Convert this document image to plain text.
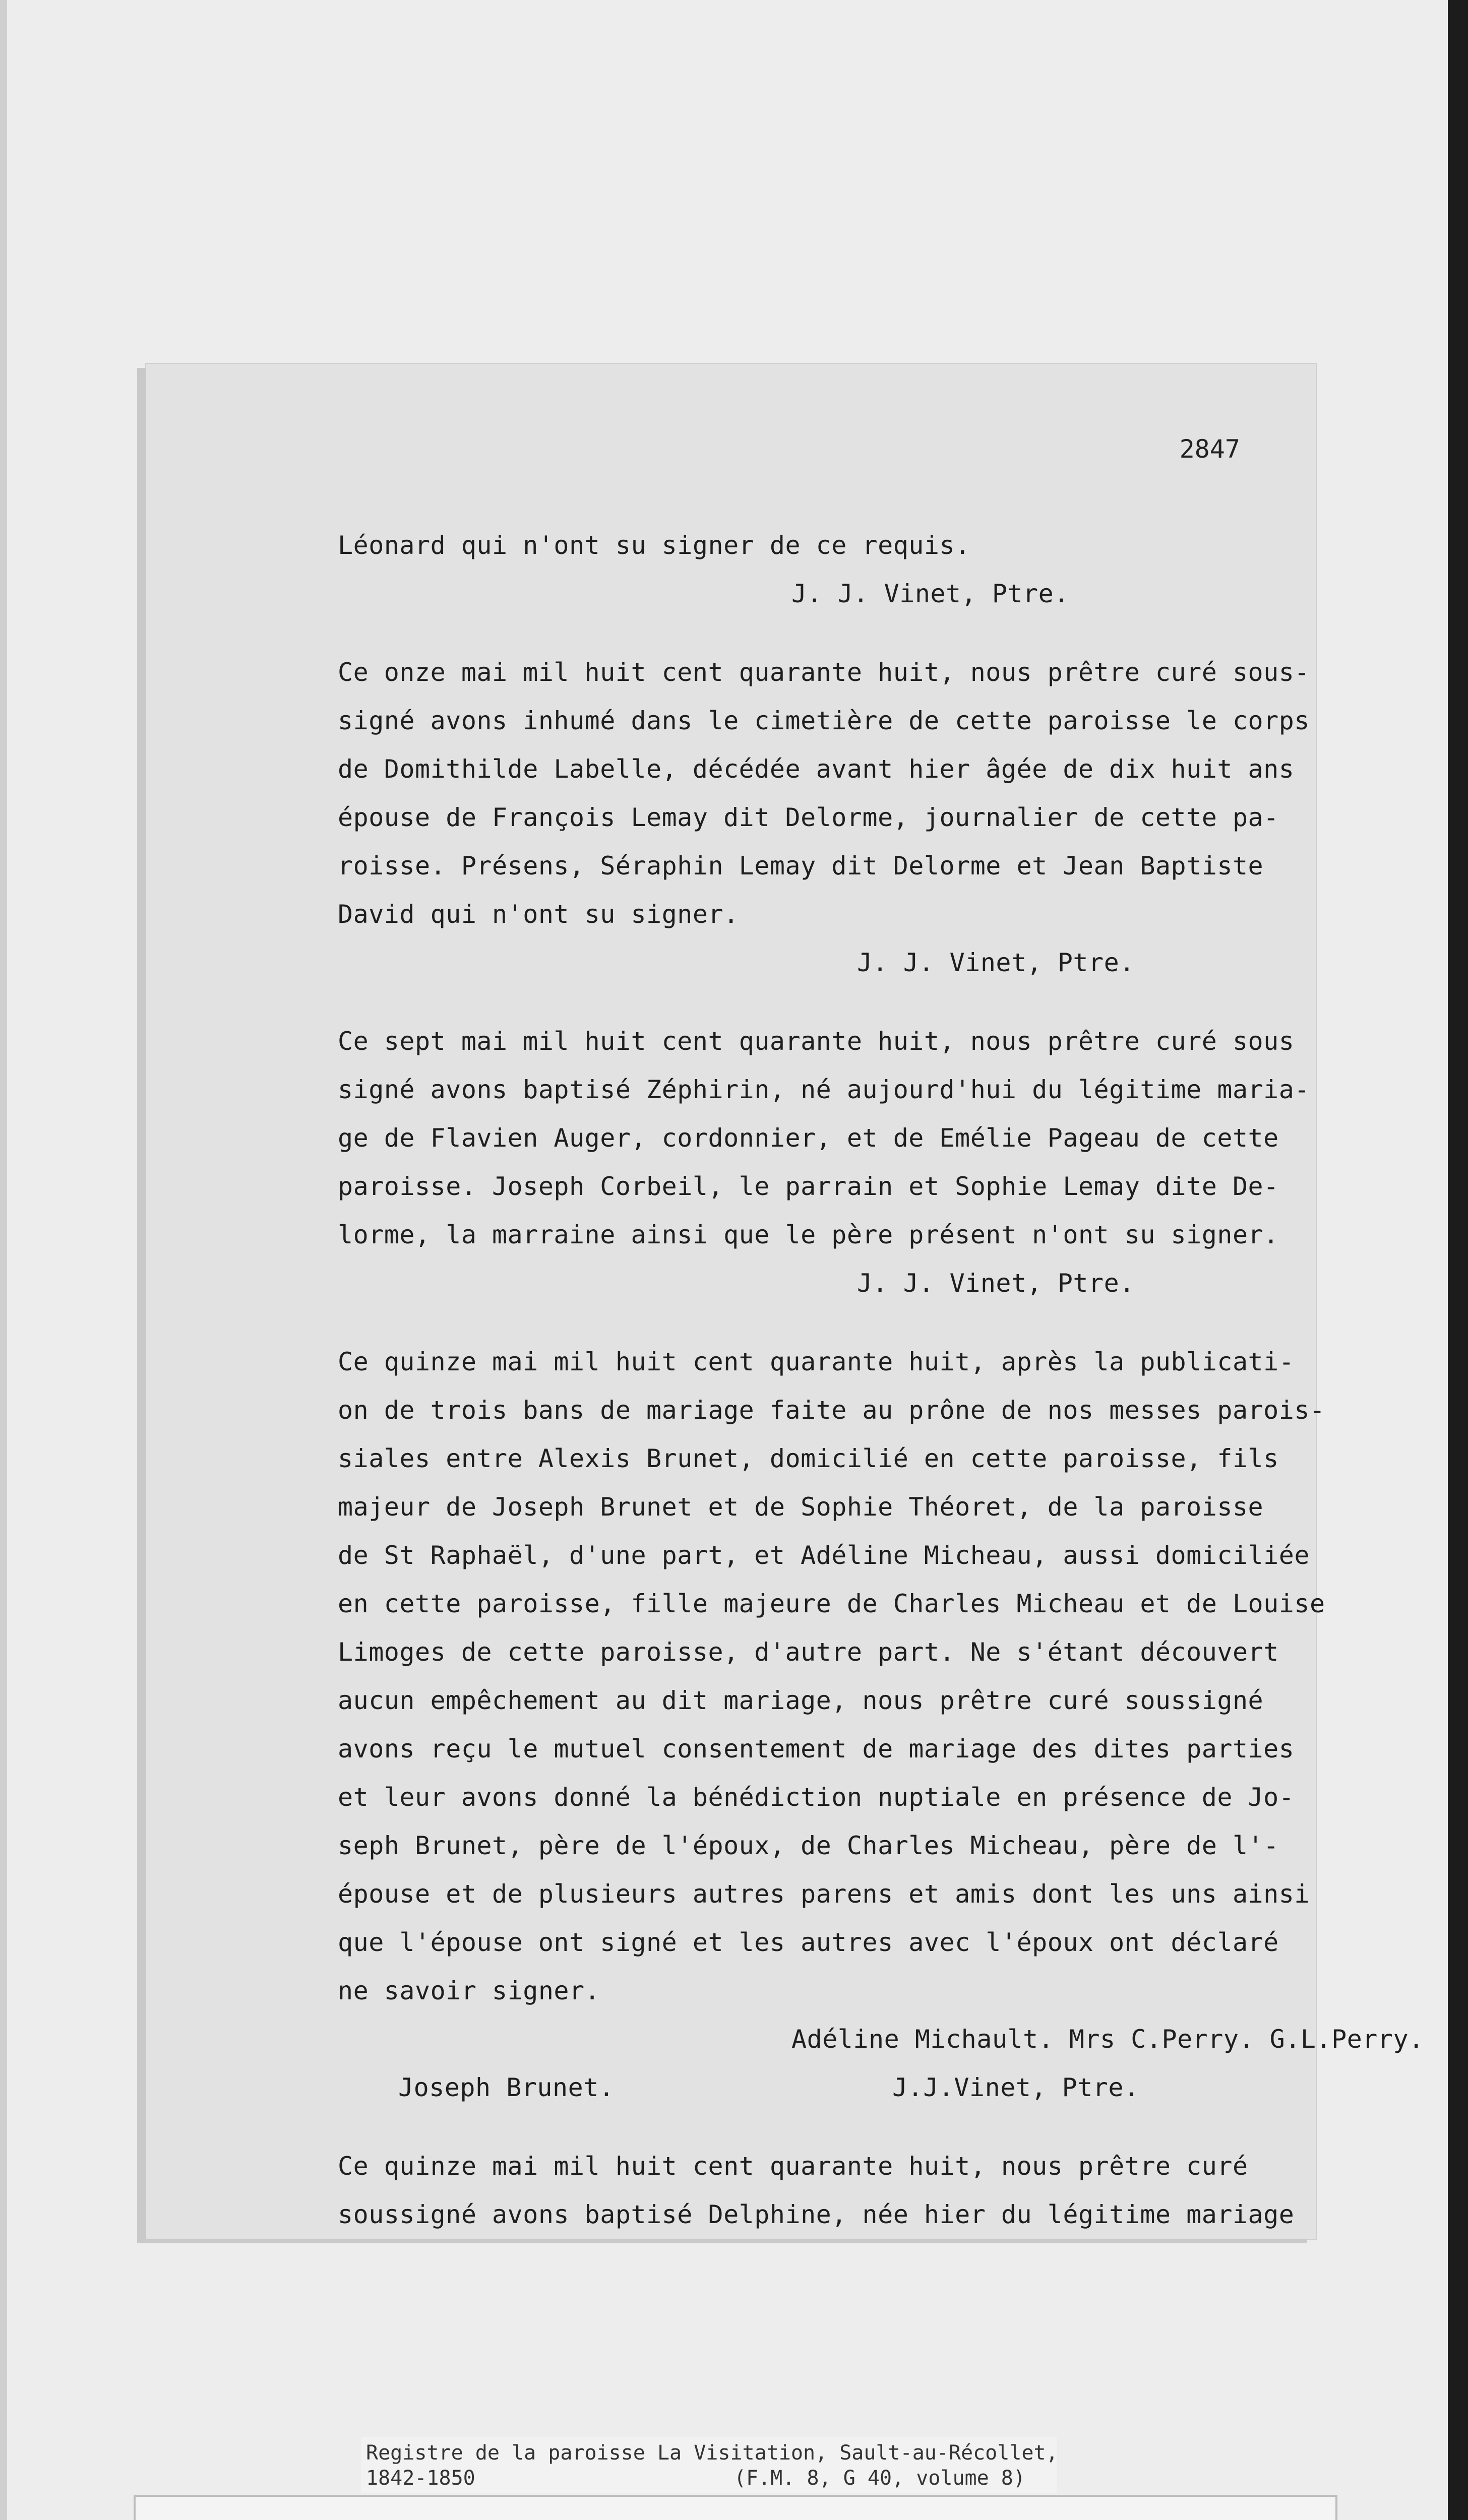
2847
Léonard qui n'ont su signer de ce requis.
J. J. Vinet, Ptre.
Ce onze mai mil huit cent quarante huit, nous prêtre curé sous-
signé avons inhumé dans le cimetière de cette paroisse le corps
de Domithilde Labelle, décédée avant hier âgée de dix huit ans
épouse de François Lemay dit Delorme, journalier de cette pa-
roisse. Présens, Séraphin Lemay dit Delorme et Jean Baptiste
David qui n'ont su signer.
J. J. Vinet, Ptre.
Ce sept mai mil huit cent quarante huit, nous prêtre curé sous
signé avons baptisé Zéphirin, né aujourd'hui du légitime maria-
ge de Flavien Auger, cordonnier, et de Emélie Pageau de cette
paroisse. Joseph Corbeil, le parrain et Sophie Lemay dite De-
lorme, la marraine ainsi que le père présent n'ont su signer.
J. J. Vinet, Ptre.
Ce quinze mai mil huit cent quarante huit, après la publicati-
on de trois bans de mariage faite au prône de nos messes parois-
siales entre Alexis Brunet, domicilié en cette paroisse, fils
majeur de Joseph Brunet et de Sophie Théoret, de la paroisse
de St Raphaël, d'une part, et Adéline Micheau, aussi domiciliée
en cette paroisse, fille majeure de Charles Micheau et de Louise
Limoges de cette paroisse, d'autre part. Ne s'étant découvert
aucun empêchement au dit mariage, nous prêtre curé soussigné
avons reçu le mutuel consentement de mariage des dites parties
et leur avons donné la bénédiction nuptiale en présence de Jo-
seph Brunet, père de l'époux, de Charles Micheau, père de l'-
épouse et de plusieurs autres parens et amis dont les uns ainsi
que l'épouse ont signé et les autres avec l'époux ont déclaré
ne savoir signer.
Adéline Michault. Mrs C.Perry. G.L.Perry.
Joseph Brunet.	J.J.Vinet, Ptre.
Ce quinze mai mil huit cent quarante huit, nous prêtre curé
soussigné avons baptisé Delphine, née hier du légitime mariage
Registre de la paroisse La Visitation, Sault-au-Récollet,
1842-1850	(F.M. 8, G 40, volume 8)
